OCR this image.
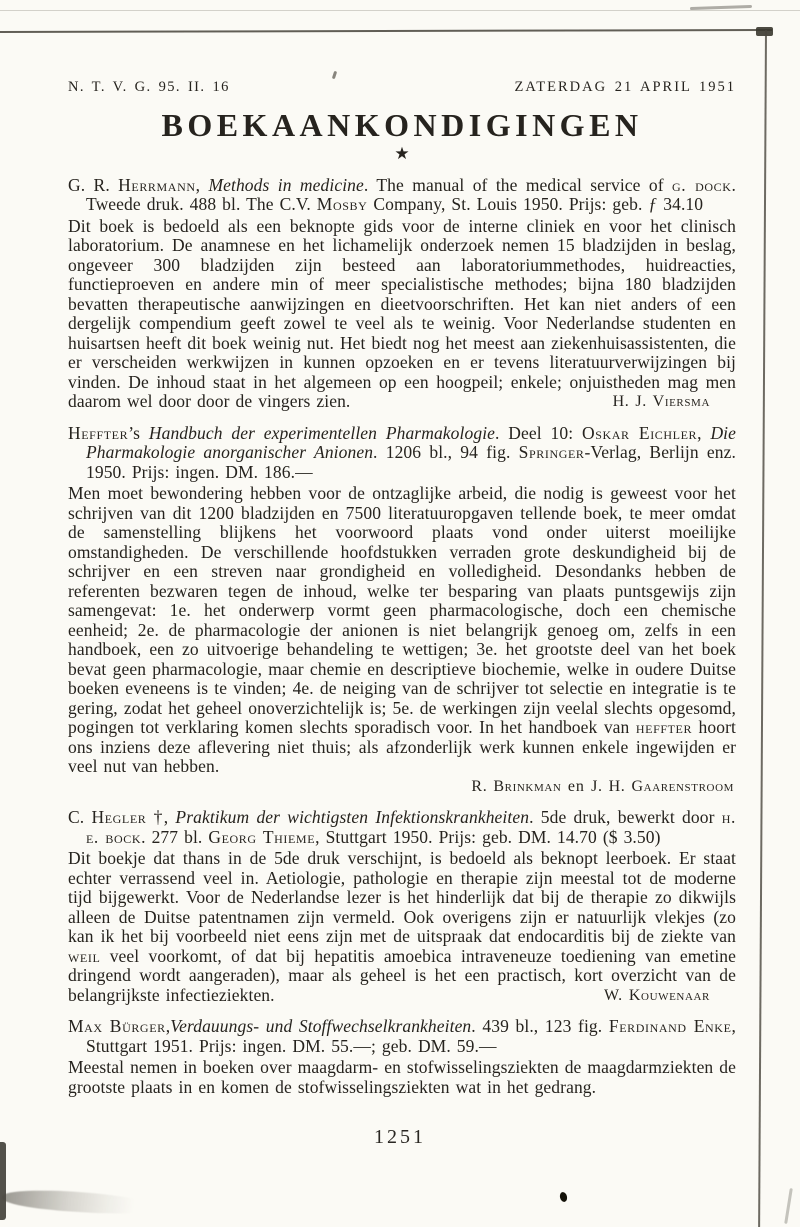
N. T. V. G. 95. II. 16	ZATERDAG 21 APRIL 1951
BOEKAANKONDIGINGEN
★

G. R. Herrmann, Methods in medicine. The manual of the medical service of g. dock. Tweede druk. 488 bl. The C.V. Mosby Company, St. Louis 1950. Prijs: geb. ƒ 34.10

Dit boek is bedoeld als een beknopte gids voor de interne cliniek en voor het clinisch laboratorium. De anamnese en het lichamelijk onderzoek nemen 15 bladzijden in beslag, ongeveer 300 bladzijden zijn besteed aan laboratoriummethodes, huidreacties, functieproeven en andere min of meer specialistische methodes; bijna 180 bladzijden bevatten therapeutische aanwijzingen en dieetvoorschriften. Het kan niet anders of een dergelijk compendium geeft zowel te veel als te weinig. Voor Nederlandse studenten en huisartsen heeft dit boek weinig nut. Het biedt nog het meest aan ziekenhuisassistenten, die er verscheiden werkwijzen in kunnen opzoeken en er tevens literatuurverwijzingen bij vinden. De inhoud staat in het algemeen op een hoogpeil; enkele; onjuistheden mag men daarom wel door door de vingers zien.	H. J. Viersma

Heffter’s Handbuch der experimentellen Pharmakologie. Deel 10: Oskar Eichler, Die Pharmakologie anorganischer Anionen. 1206 bl., 94 fig. Springer-Verlag, Berlijn enz. 1950. Prijs: ingen. DM. 186.—

Men moet bewondering hebben voor de ontzaglijke arbeid, die nodig is geweest voor het schrijven van dit 1200 bladzijden en 7500 literatuuropgaven tellende boek, te meer omdat de samenstelling blijkens het voorwoord plaats vond onder uiterst moeilijke omstandigheden. De verschillende hoofdstukken verraden grote deskundigheid bij de schrijver en een streven naar grondigheid en volledigheid. Desondanks hebben de referenten bezwaren tegen de inhoud, welke ter besparing van plaats puntsgewijs zijn samengevat: 1e. het onderwerp vormt geen pharmacologische, doch een chemische eenheid; 2e. de pharmacologie der anionen is niet belangrijk genoeg om, zelfs in een handboek, een zo uitvoerige behandeling te wettigen; 3e. het grootste deel van het boek bevat geen pharmacologie, maar chemie en descriptieve biochemie, welke in oudere Duitse boeken eveneens is te vinden; 4e. de neiging van de schrijver tot selectie en integratie is te gering, zodat het geheel onoverzichtelijk is; 5e. de werkingen zijn veelal slechts opgesomd, pogingen tot verklaring komen slechts sporadisch voor. In het handboek van heffter hoort ons inziens deze aflevering niet thuis; als afzonderlijk werk kunnen enkele ingewijden er veel nut van hebben.

R. Brinkman en J. H. Gaarenstroom

C. Hegler †, Praktikum der wichtigsten Infektionskrankheiten. 5de druk, bewerkt door h. e. bock. 277 bl. Georg Thieme, Stuttgart 1950. Prijs: geb. DM. 14.70 ($ 3.50)

Dit boekje dat thans in de 5de druk verschijnt, is bedoeld als beknopt leerboek. Er staat echter verrassend veel in. Aetiologie, pathologie en therapie zijn meestal tot de moderne tijd bijgewerkt. Voor de Nederlandse lezer is het hinderlijk dat bij de therapie zo dikwijls alleen de Duitse patentnamen zijn vermeld. Ook overigens zijn er natuurlijk vlekjes (zo kan ik het bij voorbeeld niet eens zijn met de uitspraak dat endocarditis bij de ziekte van weil veel voorkomt, of dat bij hepatitis amoebica intraveneuze toediening van emetine dringend wordt aangeraden), maar als geheel is het een practisch, kort overzicht van de belangrijkste infectieziekten.	W. Kouwenaar

Max Bürger,Verdauungs- und Stoffwechselkrankheiten. 439 bl., 123 fig. Ferdinand Enke, Stuttgart 1951. Prijs: ingen. DM. 55.—; geb. DM. 59.—

Meestal nemen in boeken over maagdarm- en stofwisselingsziekten de maagdarmziekten de grootste plaats in en komen de stofwisselingsziekten wat in het gedrang.

1251
